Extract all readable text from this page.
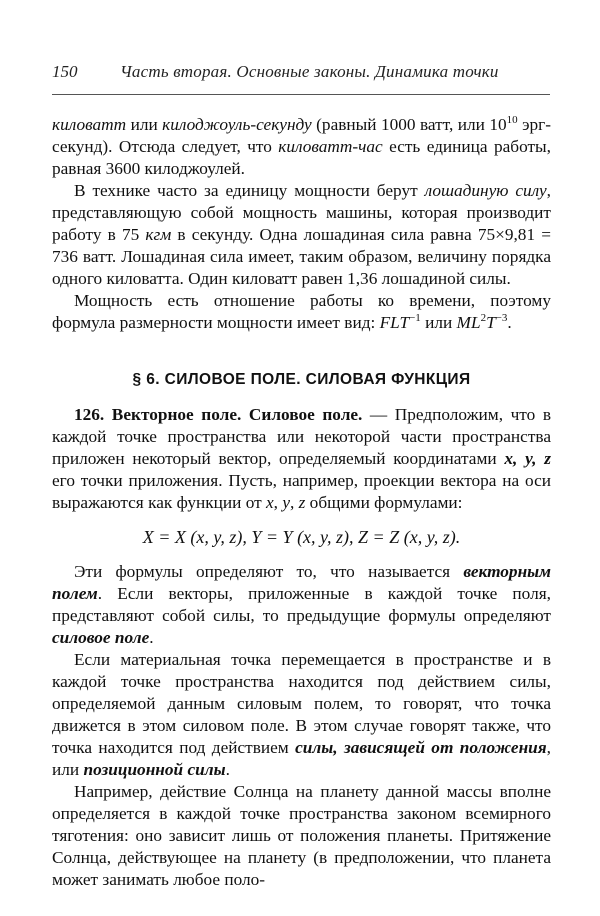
150	Часть вторая. Основные законы. Динамика точки

киловатт или килоджоуль-секунду (равный 1000 ватт, или $10^{10}$ эрг-секунд). Отсюда следует, что киловатт-час есть единица работы, равная 3600 килоджоулей.

В технике часто за единицу мощности берут лошадиную силу, представляющую собой мощность машины, которая производит работу в 75 кгм в секунду. Одна лошадиная сила равна 75×9,81 = 736 ватт. Лошадиная сила имеет, таким образом, величину порядка одного киловатта. Один киловатт равен 1,36 лошадиной силы.

Мощность есть отношение работы ко времени, поэтому формула размерности мощности имеет вид: $FLT^{-1}$ или $ML^2T^{-3}$.

§ 6. СИЛОВОЕ ПОЛЕ. СИЛОВАЯ ФУНКЦИЯ

126. Векторное поле. Силовое поле. — Предположим, что в каждой точке пространства или некоторой части пространства приложен некоторый вектор, определяемый координатами x, y, z его точки приложения. Пусть, например, проекции вектора на оси выражаются как функции от x, y, z общими формулами:

X = X (x, y, z), Y = Y (x, y, z), Z = Z (x, y, z).

Эти формулы определяют то, что называется векторным полем. Если векторы, приложенные в каждой точке поля, представляют собой силы, то предыдущие формулы определяют силовое поле.

Если материальная точка перемещается в пространстве и в каждой точке пространства находится под действием силы, определяемой данным силовым полем, то говорят, что точка движется в этом силовом поле. В этом случае говорят также, что точка находится под действием силы, зависящей от положения, или позиционной силы.

Например, действие Солнца на планету данной массы вполне определяется в каждой точке пространства законом всемирного тяготения: оно зависит лишь от положения планеты. Притяжение Солнца, действующее на планету (в предположении, что планета может занимать любое поло-
